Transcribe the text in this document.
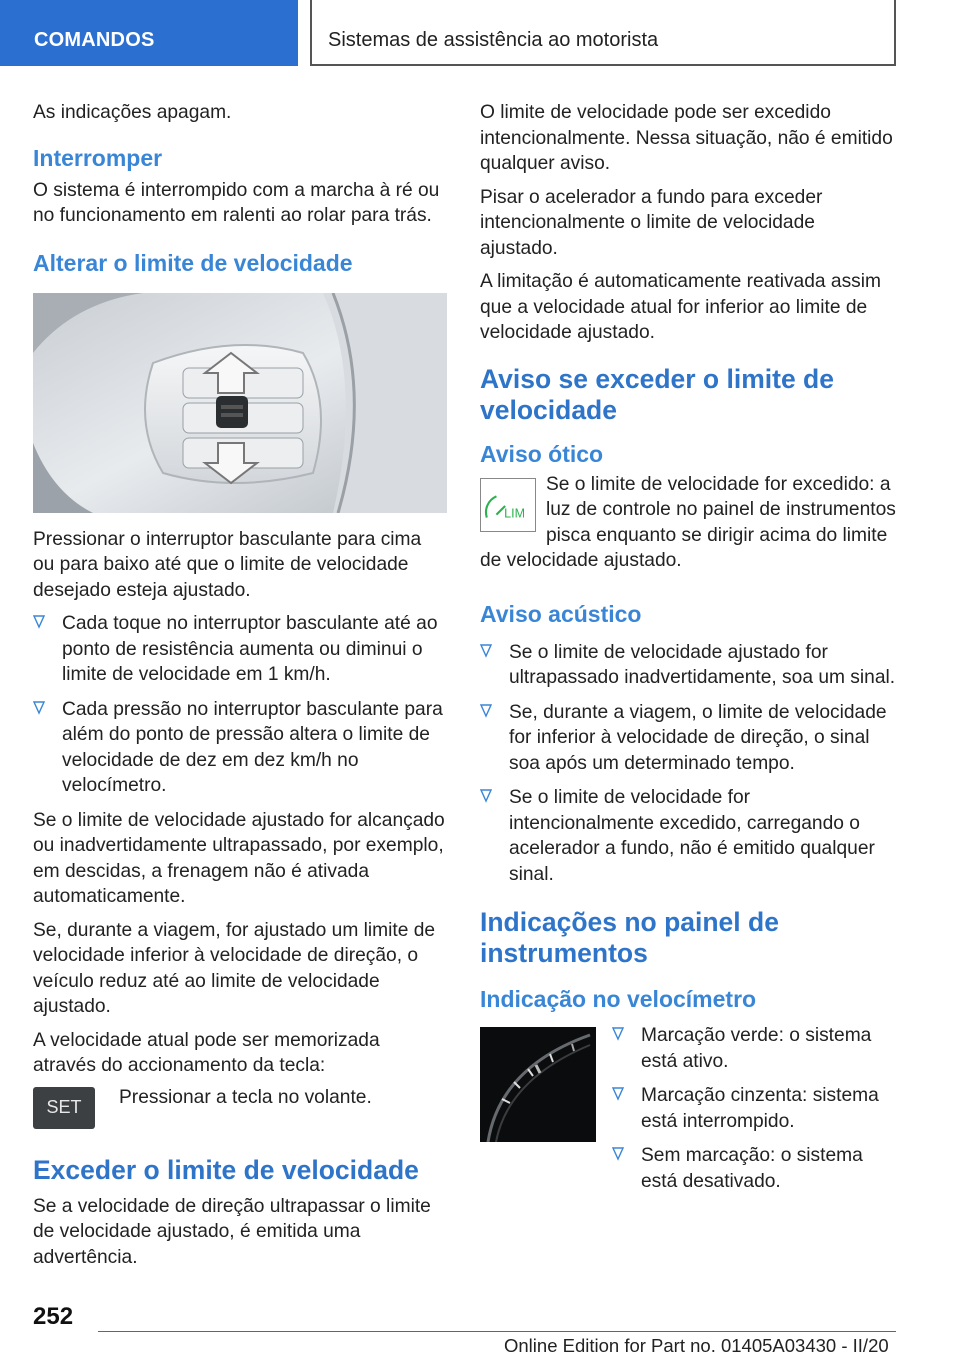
COMANDOS	Sistemas de assistência ao motorista

As indicações apagam.

Interromper

O sistema é interrompido com a marcha à ré ou no funcionamento em ralenti ao rolar para trás.

Alterar o limite de velocidade

Pressionar o interruptor basculante para cima ou para baixo até que o limite de velocidade desejado esteja ajustado.

Cada toque no interruptor basculante até ao ponto de resistência aumenta ou diminui o limite de velocidade em 1 km/h.
Cada pressão no interruptor basculante para além do ponto de pressão altera o limite de velocidade de dez em dez km/h no velocímetro.

Se o limite de velocidade ajustado for alcançado ou inadvertidamente ultrapassado, por exemplo, em descidas, a frenagem não é ativada automaticamente.

Se, durante a viagem, for ajustado um limite de velocidade inferior à velocidade de direção, o veículo reduz até ao limite de velocidade ajustado.

A velocidade atual pode ser memorizada através do accionamento da tecla:

SET Pressionar a tecla no volante.

Exceder o limite de velocidade

Se a velocidade de direção ultrapassar o limite de velocidade ajustado, é emitida uma advertência.

O limite de velocidade pode ser excedido intencionalmente. Nessa situação, não é emitido qualquer aviso.

Pisar o acelerador a fundo para exceder intencionalmente o limite de velocidade ajustado.

A limitação é automaticamente reativada assim que a velocidade atual for inferior ao limite de velocidade ajustado.

Aviso se exceder o limite de velocidade
Aviso ótico
LIM

Se o limite de velocidade for excedido: a luz de controle no painel de instrumentos pisca enquanto se dirigir acima do limite de velocidade ajustado.

Aviso acústico
Se o limite de velocidade ajustado for ultrapassado inadvertidamente, soa um sinal.
Se, durante a viagem, o limite de velocidade for inferior à velocidade de direção, o sinal soa após um determinado tempo.
Se o limite de velocidade for intencionalmente excedido, carregando o acelerador a fundo, não é emitido qualquer sinal.
Indicações no painel de instrumentos
Indicação no velocímetro
Marcação verde: o sistema está ativo.
Marcação cinzenta: sistema está interrompido.
Sem marcação: o sistema está desativado.
252
Online Edition for Part no. 01405A03430 - II/20
